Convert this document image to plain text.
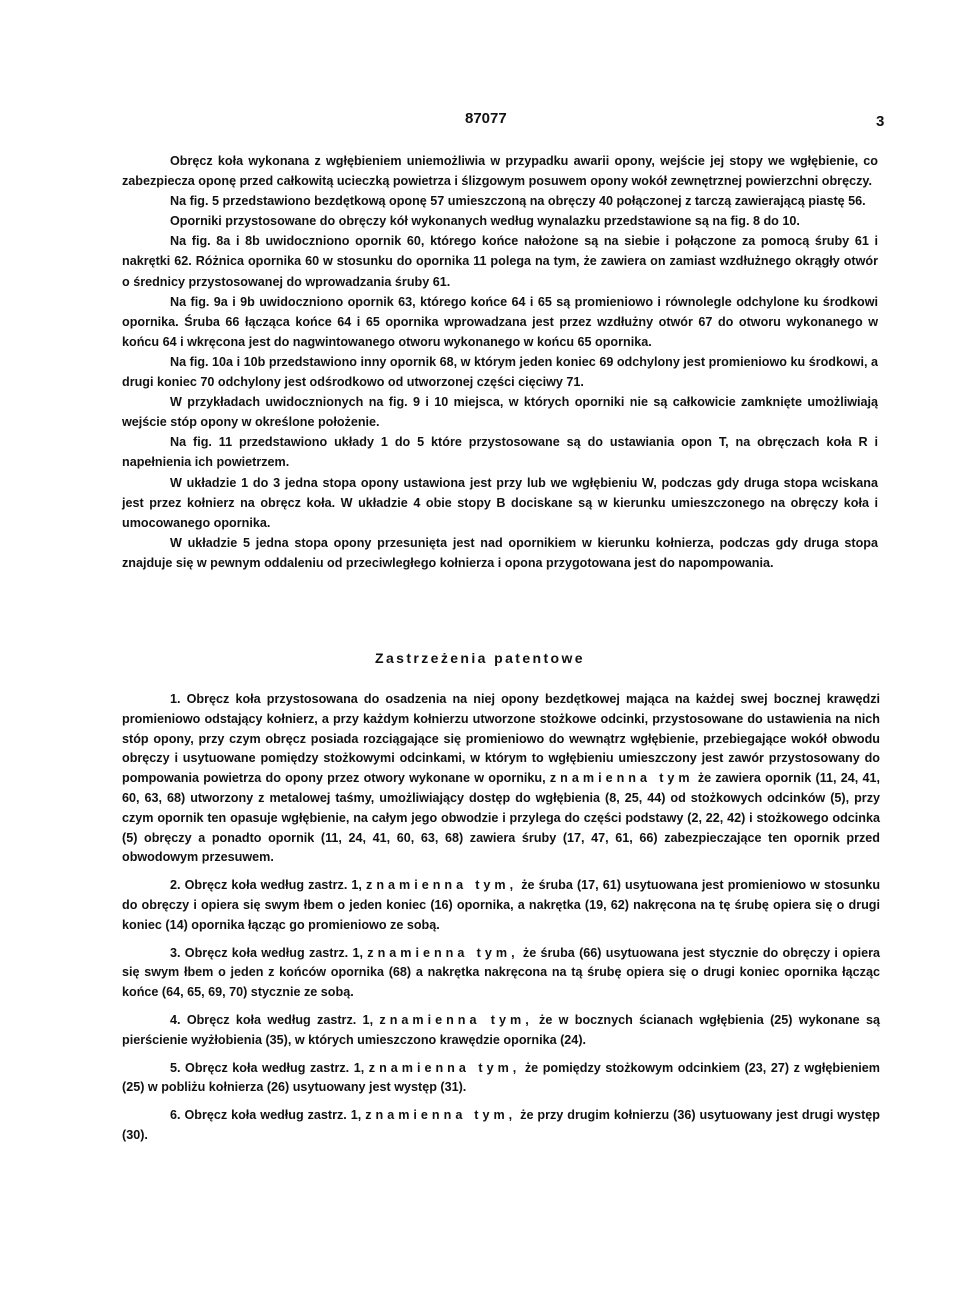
87077	3

Obręcz koła wykonana z wgłębieniem uniemożliwia w przypadku awarii opony, wejście jej stopy we wgłębienie, co zabezpiecza oponę przed całkowitą ucieczką powietrza i ślizgowym posuwem opony wokół zewnętrznej powierzchni obręczy.

Na fig. 5 przedstawiono bezdętkową oponę 57 umieszczoną na obręczy 40 połączonej z tarczą zawierającą piastę 56.

Oporniki przystosowane do obręczy kół wykonanych według wynalazku przedstawione są na fig. 8 do 10.

Na fig. 8a i 8b uwidoczniono opornik 60, którego końce nałożone są na siebie i połączone za pomocą śruby 61 i nakrętki 62. Różnica opornika 60 w stosunku do opornika 11 polega na tym, że zawiera on zamiast wzdłużnego okrągły otwór o średnicy przystosowanej do wprowadzania śruby 61.

Na fig. 9a i 9b uwidoczniono opornik 63, którego końce 64 i 65 są promieniowo i równolegle odchylone ku środkowi opornika. Śruba 66 łącząca końce 64 i 65 opornika wprowadzana jest przez wzdłużny otwór 67 do otworu wykonanego w końcu 64 i wkręcona jest do nagwintowanego otworu wykonanego w końcu 65 opornika.

Na fig. 10a i 10b przedstawiono inny opornik 68, w którym jeden koniec 69 odchylony jest promieniowo ku środkowi, a drugi koniec 70 odchylony jest odśrodkowo od utworzonej części cięciwy 71.

W przykładach uwidocznionych na fig. 9 i 10 miejsca, w których oporniki nie są całkowicie zamknięte umożliwiają wejście stóp opony w określone położenie.

Na fig. 11 przedstawiono układy 1 do 5 które przystosowane są do ustawiania opon T, na obręczach koła R i napełnienia ich powietrzem.

W układzie 1 do 3 jedna stopa opony ustawiona jest przy lub we wgłębieniu W, podczas gdy druga stopa wciskana jest przez kołnierz na obręcz koła. W układzie 4 obie stopy B dociskane są w kierunku umieszczonego na obręczy koła i umocowanego opornika.

W układzie 5 jedna stopa opony przesunięta jest nad opornikiem w kierunku kołnierza, podczas gdy druga stopa znajduje się w pewnym oddaleniu od przeciwległego kołnierza i opona przygotowana jest do napompowania.

Zastrzeżenia patentowe

1. Obręcz koła przystosowana do osadzenia na niej opony bezdętkowej mająca na każdej swej bocznej krawędzi promieniowo odstający kołnierz, a przy każdym kołnierzu utworzone stożkowe odcinki, przystosowane do ustawienia na nich stóp opony, przy czym obręcz posiada rozciągające się promieniowo do wewnątrz wgłębienie, przebiegające wokół obwodu obręczy i usytuowane pomiędzy stożkowymi odcinkami, w którym to wgłębieniu umieszczony jest zawór przystosowany do pompowania powietrza do opony przez otwory wykonane w oporniku, znamienna tym że zawiera opornik (11, 24, 41, 60, 63, 68) utworzony z metalowej taśmy, umożliwiający dostęp do wgłębienia (8, 25, 44) od stożkowych odcinków (5), przy czym opornik ten opasuje wgłębienie, na całym jego obwodzie i przylega do części podstawy (2, 22, 42) i stożkowego odcinka (5) obręczy a ponadto opornik (11, 24, 41, 60, 63, 68) zawiera śruby (17, 47, 61, 66) zabezpieczające ten opornik przed obwodowym przesuwem.

2. Obręcz koła według zastrz. 1, znamienna tym, że śruba (17, 61) usytuowana jest promieniowo w stosunku do obręczy i opiera się swym łbem o jeden koniec (16) opornika, a nakrętka (19, 62) nakręcona na tę śrubę opiera się o drugi koniec (14) opornika łącząc go promieniowo ze sobą.

3. Obręcz koła według zastrz. 1, znamienna tym, że śruba (66) usytuowana jest stycznie do obręczy i opiera się swym łbem o jeden z końców opornika (68) a nakrętka nakręcona na tą śrubę opiera się o drugi koniec opornika łącząc końce (64, 65, 69, 70) stycznie ze sobą.

4. Obręcz koła według zastrz. 1, znamienna tym, że w bocznych ścianach wgłębienia (25) wykonane są pierścienie wyżłobienia (35), w których umieszczono krawędzie opornika (24).

5. Obręcz koła według zastrz. 1, znamienna tym, że pomiędzy stożkowym odcinkiem (23, 27) z wgłębieniem (25) w pobliżu kołnierza (26) usytuowany jest występ (31).

6. Obręcz koła według zastrz. 1, znamienna tym, że przy drugim kołnierzu (36) usytuowany jest drugi występ (30).
